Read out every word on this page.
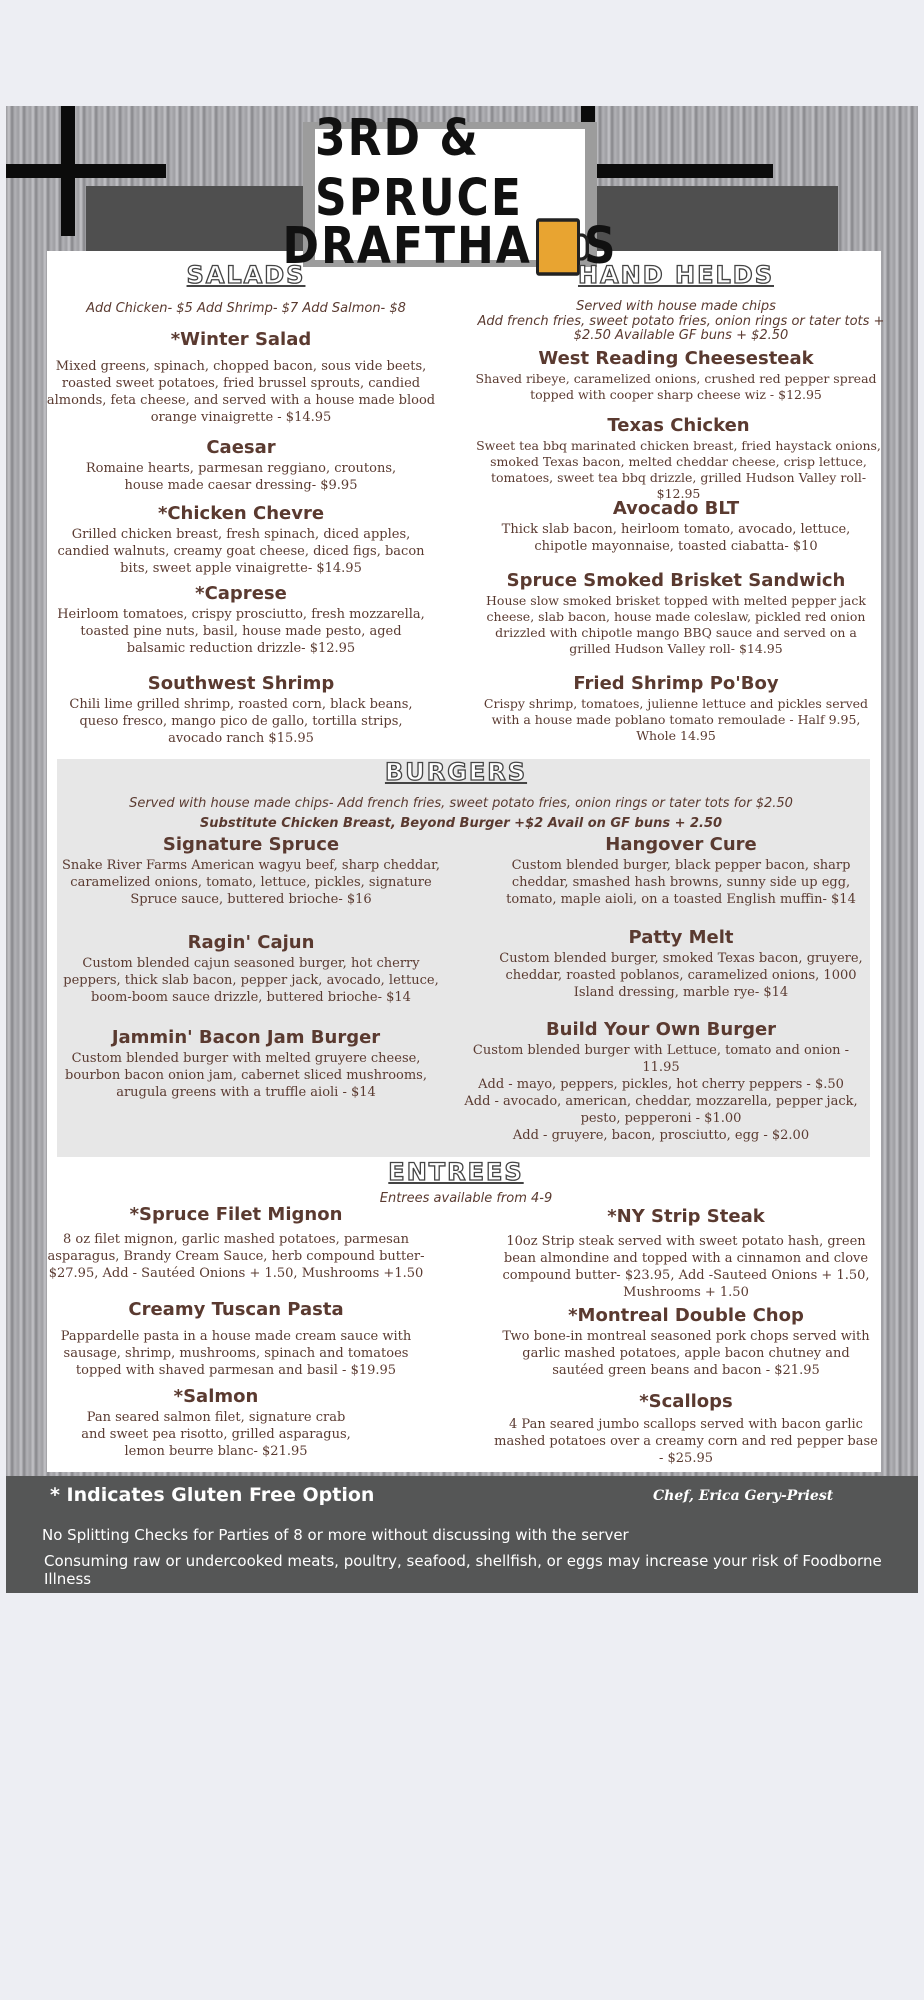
3RD & SPRUCE
DRAFTHA S
SALADS
Add Chicken- $5 Add Shrimp- $7 Add Salmon- $8
*Winter Salad
Mixed greens, spinach, chopped bacon, sous vide beets, roasted sweet potatoes, fried brussel sprouts, candied almonds, feta cheese, and served with a house made blood orange vinaigrette - $14.95
Caesar
Romaine hearts, parmesan reggiano, croutons, house made caesar dressing- $9.95
*Chicken Chevre
Grilled chicken breast, fresh spinach, diced apples, candied walnuts, creamy goat cheese, diced figs, bacon bits, sweet apple vinaigrette- $14.95
*Caprese
Heirloom tomatoes, crispy prosciutto, fresh mozzarella, toasted pine nuts, basil, house made pesto, aged balsamic reduction drizzle- $12.95
Southwest Shrimp
Chili lime grilled shrimp, roasted corn, black beans, queso fresco, mango pico de gallo, tortilla strips, avocado ranch $15.95
HAND HELDS
Served with house made chips
Add french fries, sweet potato fries, onion rings or tater tots + $2.50 Available GF buns + $2.50
West Reading Cheesesteak
Shaved ribeye, caramelized onions, crushed red pepper spread topped with cooper sharp cheese wiz - $12.95
Texas Chicken
Sweet tea bbq marinated chicken breast, fried haystack onions, smoked Texas bacon, melted cheddar cheese, crisp lettuce, tomatoes, sweet tea bbq drizzle, grilled Hudson Valley roll- $12.95
Avocado BLT
Thick slab bacon, heirloom tomato, avocado, lettuce, chipotle mayonnaise, toasted ciabatta- $10
Spruce Smoked Brisket Sandwich
House slow smoked brisket topped with melted pepper jack cheese, slab bacon, house made coleslaw, pickled red onion drizzled with chipotle mango BBQ sauce and served on a grilled Hudson Valley roll- $14.95
Fried Shrimp Po'Boy
Crispy shrimp, tomatoes, julienne lettuce and pickles served with a house made poblano tomato remoulade - Half 9.95, Whole 14.95
BURGERS
Served with house made chips- Add french fries, sweet potato fries, onion rings or tater tots for $2.50
Substitute Chicken Breast, Beyond Burger +$2 Avail on GF buns + 2.50
Signature Spruce
Snake River Farms American wagyu beef, sharp cheddar, caramelized onions, tomato, lettuce, pickles, signature Spruce sauce, buttered brioche- $16
Hangover Cure
Custom blended burger, black pepper bacon, sharp cheddar, smashed hash browns, sunny side up egg, tomato, maple aioli, on a toasted English muffin- $14
Ragin' Cajun
Custom blended cajun seasoned burger, hot cherry peppers, thick slab bacon, pepper jack, avocado, lettuce, boom-boom sauce drizzle, buttered brioche- $14
Patty Melt
Custom blended burger, smoked Texas bacon, gruyere, cheddar, roasted poblanos, caramelized onions, 1000 Island dressing, marble rye- $14
Jammin' Bacon Jam Burger
Custom blended burger with melted gruyere cheese, bourbon bacon onion jam, cabernet sliced mushrooms, arugula greens with a truffle aioli - $14
Build Your Own Burger
Custom blended burger with Lettuce, tomato and onion - 11.95
Add - mayo, peppers, pickles, hot cherry peppers - $.50
Add - avocado, american, cheddar, mozzarella, pepper jack, pesto, pepperoni - $1.00
Add - gruyere, bacon, prosciutto, egg - $2.00
ENTREES
Entrees available from 4-9
*Spruce Filet Mignon
8 oz filet mignon, garlic mashed potatoes, parmesan asparagus, Brandy Cream Sauce, herb compound butter- $27.95, Add - Sautéed Onions + 1.50, Mushrooms +1.50
*NY Strip Steak
10oz Strip steak served with sweet potato hash, green bean almondine and topped with a cinnamon and clove compound butter- $23.95, Add -Sauteed Onions + 1.50, Mushrooms + 1.50
Creamy Tuscan Pasta
Pappardelle pasta in a house made cream sauce with sausage, shrimp, mushrooms, spinach and tomatoes topped with shaved parmesan and basil - $19.95
*Montreal Double Chop
Two bone-in montreal seasoned pork chops served with garlic mashed potatoes, apple bacon chutney and sautéed green beans and bacon - $21.95
*Salmon
Pan seared salmon filet, signature crab and sweet pea risotto, grilled asparagus, lemon beurre blanc- $21.95
*Scallops
4 Pan seared jumbo scallops served with bacon garlic mashed potatoes over a creamy corn and red pepper base - $25.95
* Indicates Gluten Free Option	Chef, Erica Gery-Priest
No Splitting Checks for Parties of 8 or more without discussing with the server
Consuming raw or undercooked meats, poultry, seafood, shellfish, or eggs may increase your risk of Foodborne Illness
